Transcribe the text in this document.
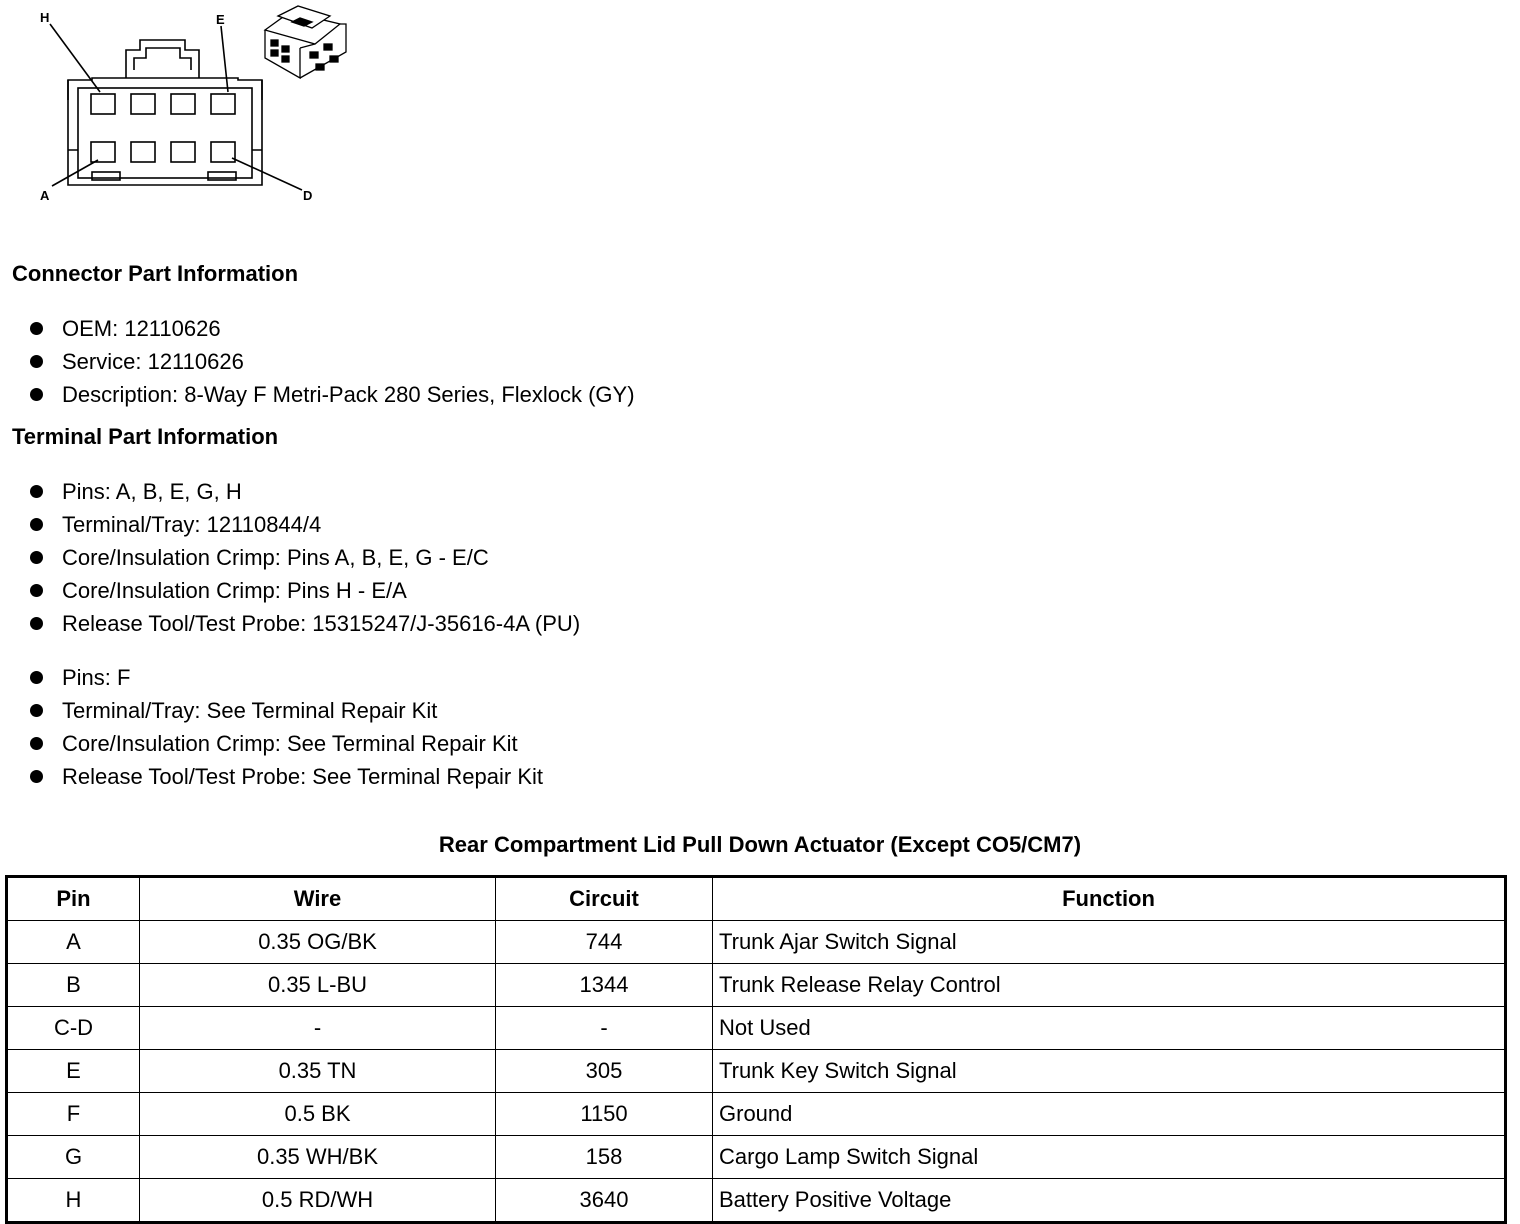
H	E
A	D
Connector Part Information
OEM: 12110626
Service: 12110626
Description: 8-Way F Metri-Pack 280 Series, Flexlock (GY)
Terminal Part Information
Pins: A, B, E, G, H
Terminal/Tray: 12110844/4
Core/Insulation Crimp: Pins A, B, E, G - E/C
Core/Insulation Crimp: Pins H - E/A
Release Tool/Test Probe: 15315247/J-35616-4A (PU)
Pins: F
Terminal/Tray: See Terminal Repair Kit
Core/Insulation Crimp: See Terminal Repair Kit
Release Tool/Test Probe: See Terminal Repair Kit
Rear Compartment Lid Pull Down Actuator (Except CO5/CM7)
Pin	Wire	Circuit	Function
A	0.35 OG/BK	744	Trunk Ajar Switch Signal
B	0.35 L-BU	1344	Trunk Release Relay Control
C-D	-	-	Not Used
E	0.35 TN	305	Trunk Key Switch Signal
F	0.5 BK	1150	Ground
G	0.35 WH/BK	158	Cargo Lamp Switch Signal
H	0.5 RD/WH	3640	Battery Positive Voltage
